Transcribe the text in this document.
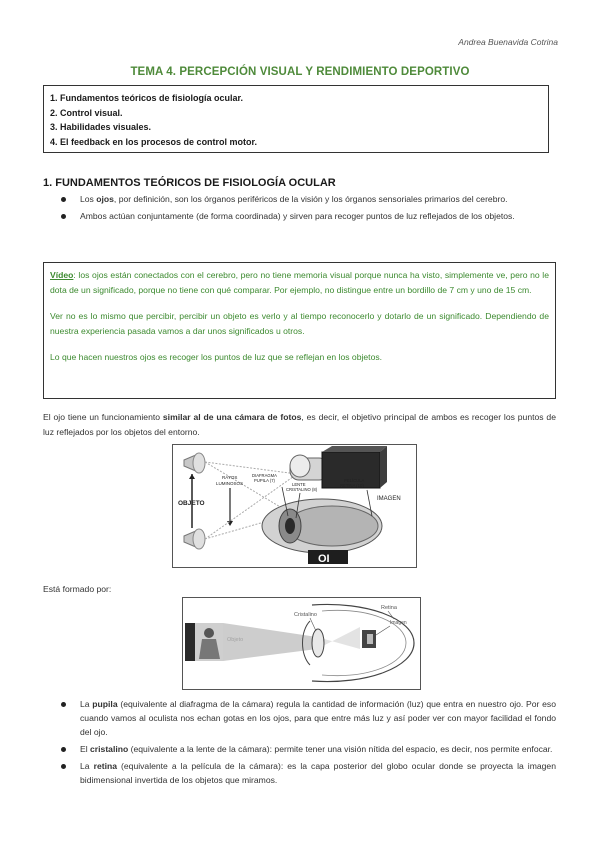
Andrea Buenavida Cotrina
TEMA 4. PERCEPCIÓN VISUAL Y RENDIMIENTO DEPORTIVO
1. Fundamentos teóricos de fisiología ocular.
2. Control visual.
3. Habilidades visuales.
4. El feedback en los procesos de control motor.
1. FUNDAMENTOS TEÓRICOS DE FISIOLOGÍA OCULAR
Los ojos, por definición, son los órganos periféricos de la visión y los órganos sensoriales primarios del cerebro.
Ambos actúan conjuntamente (de forma coordinada) y sirven para recoger puntos de luz reflejados de los objetos.

Vídeo: los ojos están conectados con el cerebro, pero no tiene memoria visual porque nunca ha visto, simplemente ve, pero no le dota de un significado, porque no tiene con qué comparar. Por ejemplo, no distingue entre un bordillo de 7 cm y uno de 15 cm.

Ver no es lo mismo que percibir, percibir un objeto es verlo y al tiempo reconocerlo y dotarlo de un significado. Dependiendo de nuestra experiencia pasada vamos a dar unos significados u otros.

Lo que hacen nuestros ojos es recoger los puntos de luz que se reflejan en los objetos.

El ojo tiene un funcionamiento similar al de una cámara de fotos, es decir, el objetivo principal de ambos es recoger los puntos de luz reflejados por los objetos del entorno.
OBJETO
RAYOS
LUMINOSOS
DIAFRAGMA
PUPILA (7)
LENTE
CRISTALINO (8)
PELÍCULA
RETINA (10)
IMAGEN
OI
Está formado por:
Cristalino
Retina
Imagen
La pupila (equivalente al diafragma de la cámara) regula la cantidad de información (luz) que entra en nuestro ojo. Por eso cuando vamos al oculista nos echan gotas en los ojos, para que entre más luz y así poder ver con mayor facilidad el fondo del ojo.
El cristalino (equivalente a la lente de la cámara): permite tener una visión nítida del espacio, es decir, nos permite enfocar.
La retina (equivalente a la película de la cámara): es la capa posterior del globo ocular donde se proyecta la imagen bidimensional invertida de los objetos que miramos.
